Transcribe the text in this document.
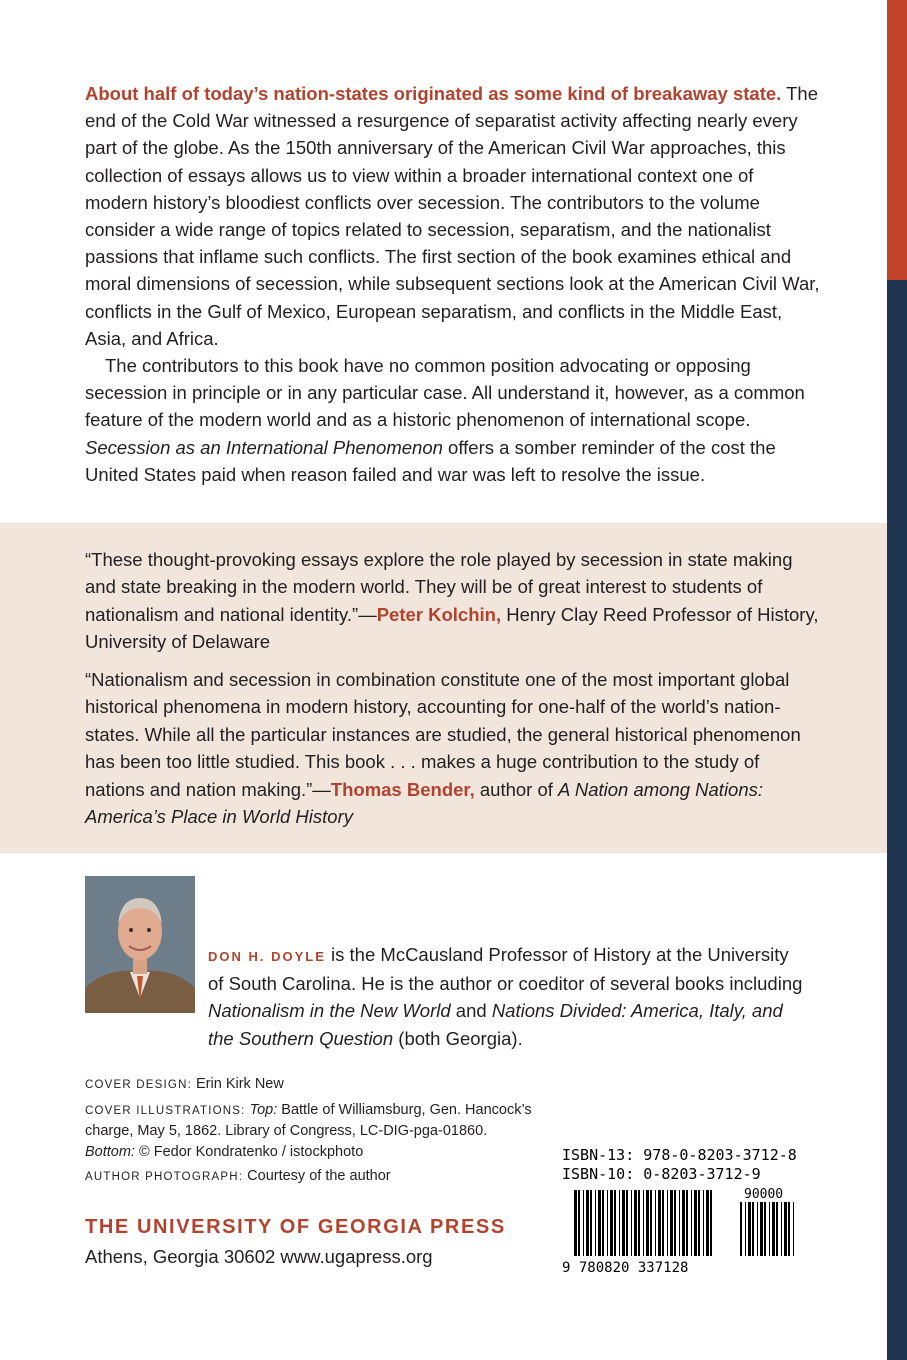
About half of today’s nation-states originated as some kind of breakaway state. The end of the Cold War witnessed a resurgence of separatist activity affecting nearly every part of the globe. As the 150th anniversary of the American Civil War approaches, this collection of essays allows us to view within a broader international context one of modern history’s bloodiest conflicts over secession. The contributors to the volume consider a wide range of topics related to secession, separatism, and the nationalist passions that inflame such conflicts. The first section of the book examines ethical and moral dimensions of secession, while subsequent sections look at the American Civil War, conflicts in the Gulf of Mexico, European separatism, and conflicts in the Middle East, Asia, and Africa.

The contributors to this book have no common position advocating or opposing secession in principle or in any particular case. All understand it, however, as a common feature of the modern world and as a historic phenomenon of international scope. Secession as an International Phenomenon offers a somber reminder of the cost the United States paid when reason failed and war was left to resolve the issue.

“These thought-provoking essays explore the role played by secession in state making and state breaking in the modern world. They will be of great interest to students of nationalism and national identity.”—Peter Kolchin, Henry Clay Reed Professor of History, University of Delaware

“Nationalism and secession in combination constitute one of the most important global historical phenomena in modern history, accounting for one-half of the world’s nation-states. While all the particular instances are studied, the general historical phenomenon has been too little studied. This book . . . makes a huge contribution to the study of nations and nation making.”—Thomas Bender, author of A Nation among Nations: America’s Place in World History

DON H. DOYLE is the McCausland Professor of History at the University of South Carolina. He is the author or coeditor of several books including Nationalism in the New World and Nations Divided: America, Italy, and the Southern Question (both Georgia).

COVER DESIGN: Erin Kirk New

COVER ILLUSTRATIONS: Top: Battle of Williamsburg, Gen. Hancock’s charge, May 5, 1862. Library of Congress, LC-DIG-pga-01860.
Bottom: © Fedor Kondratenko / istockphoto

AUTHOR PHOTOGRAPH: Courtesy of the author

THE UNIVERSITY OF GEORGIA PRESS

Athens, Georgia 30602 www.ugapress.org

ISBN-13: 978-0-8203-3712-8
ISBN-10: 0-8203-3712-9
90000
9 780820 337128
